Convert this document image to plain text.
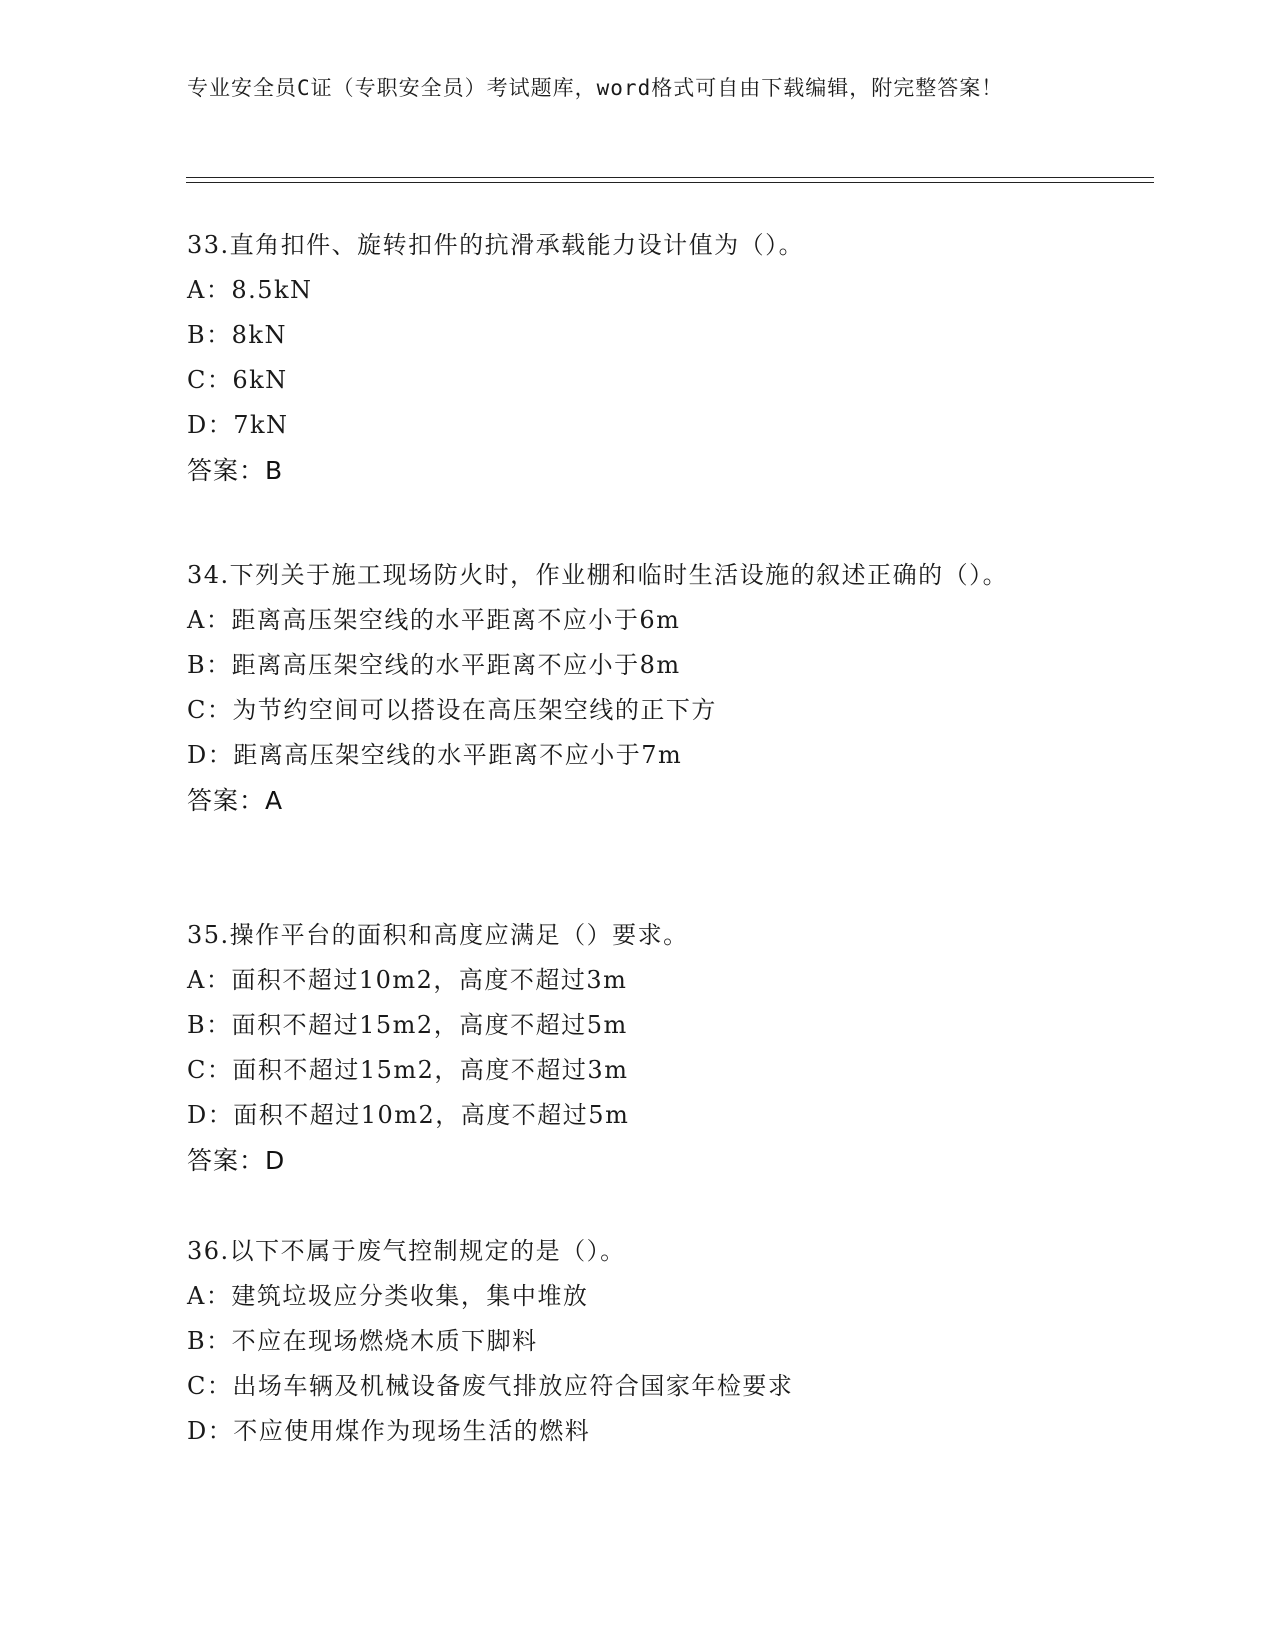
专业安全员C证（专职安全员）考试题库，word格式可自由下载编辑，附完整答案！
33.直角扣件、旋转扣件的抗滑承载能力设计值为（）。
A：8.5kN
B：8kN
C：6kN
D：7kN
答案：B
34.下列关于施工现场防火时，作业棚和临时生活设施的叙述正确的（）。
A：距离高压架空线的水平距离不应小于6m
B：距离高压架空线的水平距离不应小于8m
C：为节约空间可以搭设在高压架空线的正下方
D：距离高压架空线的水平距离不应小于7m
答案：A
35.操作平台的面积和高度应满足（）要求。
A：面积不超过10m2，高度不超过3m
B：面积不超过15m2，高度不超过5m
C：面积不超过15m2，高度不超过3m
D：面积不超过10m2，高度不超过5m
答案：D
36.以下不属于废气控制规定的是（）。
A：建筑垃圾应分类收集，集中堆放
B：不应在现场燃烧木质下脚料
C：出场车辆及机械设备废气排放应符合国家年检要求
D：不应使用煤作为现场生活的燃料
